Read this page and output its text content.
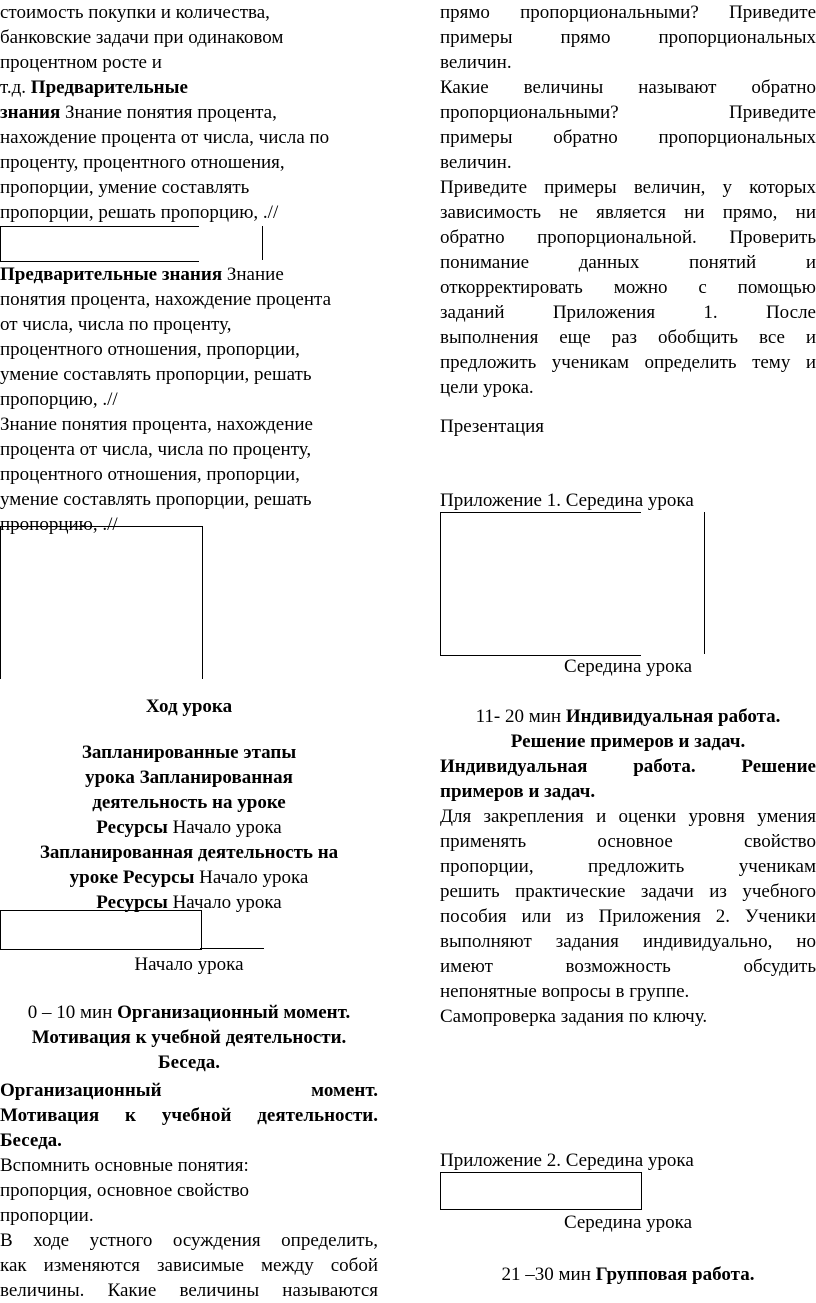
стоимость покупки и количества,
банковские задачи при одинаковом
процентном росте и
т.д. Предварительные
знания Знание понятия процента,
нахождение процента от числа, числа по
проценту, процентного отношения,
пропорции, умение составлять
пропорции, решать пропорцию, .//

Предварительные знания Знание
понятия процента, нахождение процента
от числа, числа по проценту,
процентного отношения, пропорции,
умение составлять пропорции, решать
пропорцию, .//
Знание понятия процента, нахождение
процента от числа, числа по проценту,
процентного отношения, пропорции,
умение составлять пропорции, решать
пропорцию, .//

Ход урока

Запланированные этапы
урока Запланированная
деятельность на уроке
Ресурсы Начало урока
Запланированная деятельность на
уроке Ресурсы Начало урока
Ресурсы Начало урока

Начало урока

0 – 10 мин Организационный момент.
Мотивация к учебной деятельности.
Беседа.

Организационный момент.
Мотивация к учебной деятельности.
Беседа.

Вспомнить основные понятия:
пропорция, основное свойство
пропорции.
В ходе устного осуждения определить,
как изменяются зависимые между собой
величины. Какие величины называются

прямо пропорциональными? Приведите
примеры прямо пропорциональных
величин.
Какие величины называют обратно
пропорциональными? Приведите
примеры обратно пропорциональных
величин.
Приведите примеры величин, у которых
зависимость не является ни прямо, ни
обратно пропорциональной. Проверить
понимание данных понятий и
откорректировать можно с помощью
заданий Приложения 1. После
выполнения еще раз обобщить все и
предложить ученикам определить тему и
цели урока.

Презентация

Приложение 1. Середина урока

Середина урока

11- 20 мин Индивидуальная работа.
Решение примеров и задач.

Индивидуальная работа. Решение
примеров и задач.

Для закрепления и оценки уровня умения
применять основное свойство
пропорции, предложить ученикам
решить практические задачи из учебного
пособия или из Приложения 2. Ученики
выполняют задания индивидуально, но
имеют возможность обсудить
непонятные вопросы в группе.
Самопроверка задания по ключу.

Приложение 2. Середина урока

Середина урока

21 –30 мин Групповая работа.
